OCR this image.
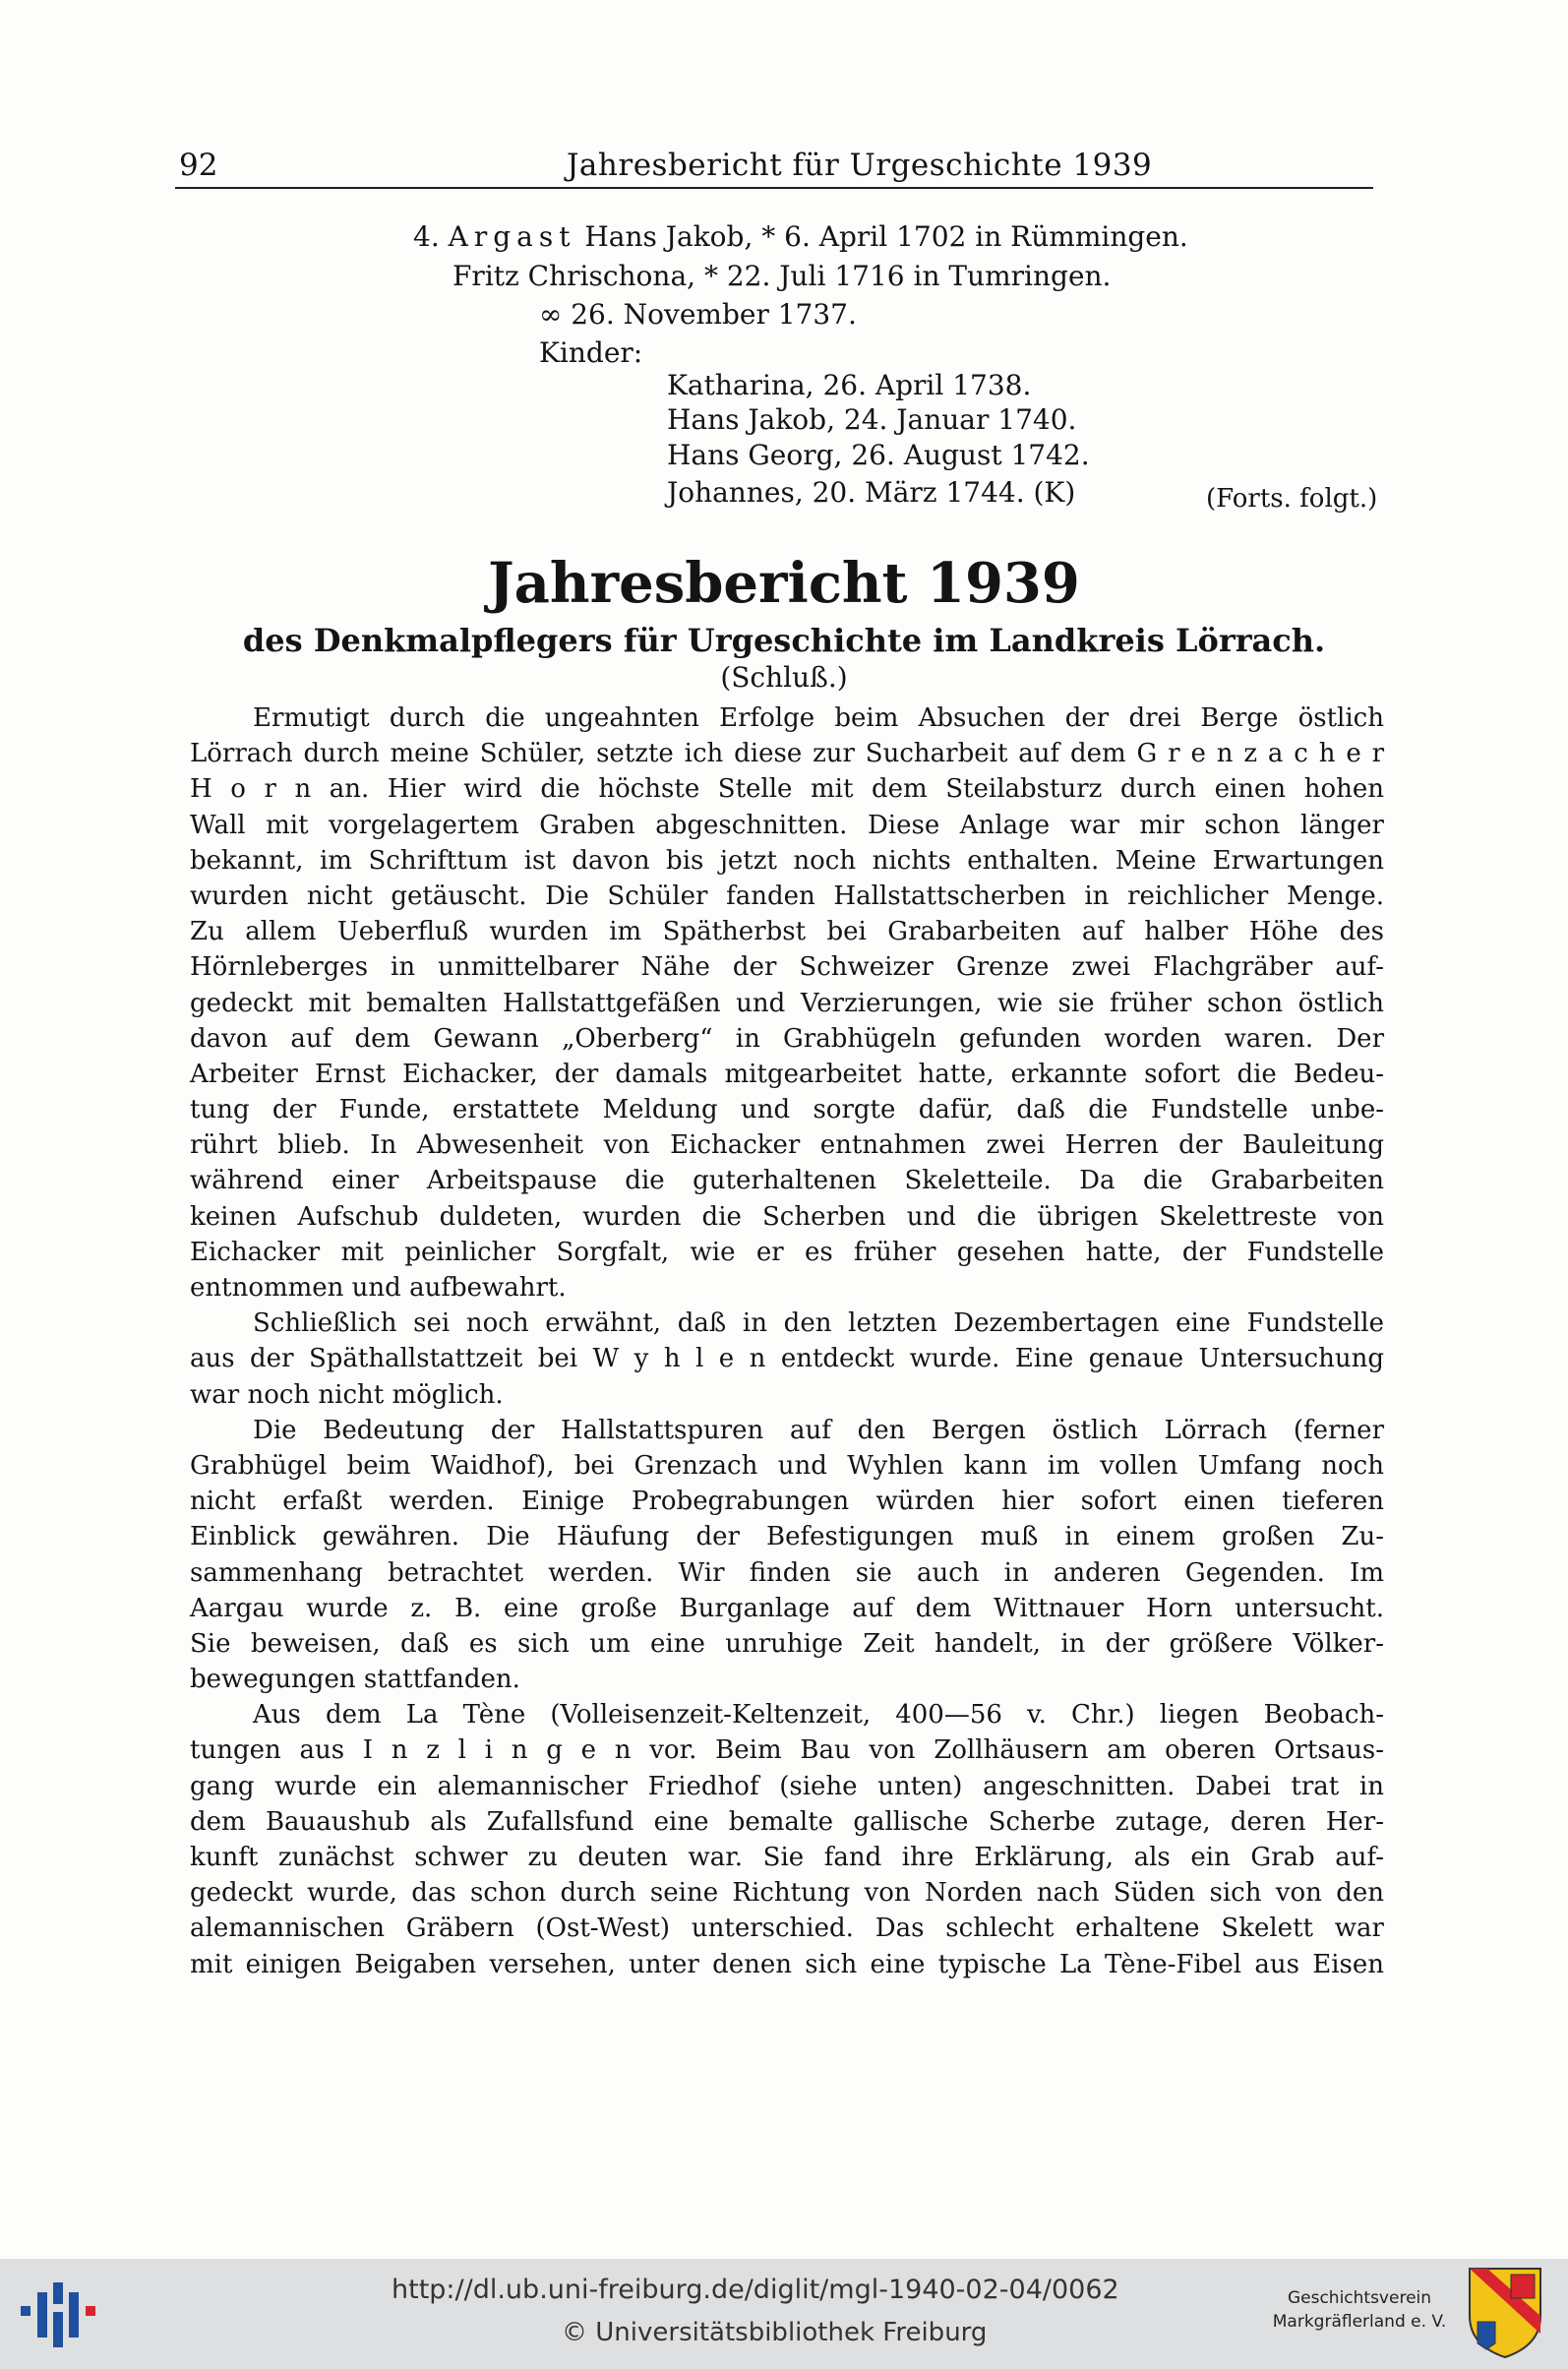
92	Jahresbericht für Urgeschichte 1939
4. Argast Hans Jakob, * 6. April 1702 in Rümmingen.
Fritz Chrischona, * 22. Juli 1716 in Tumringen.
∞ 26. November 1737.
Kinder:
Katharina, 26. April 1738.
Hans Jakob, 24. Januar 1740.
Hans Georg, 26. August 1742.
Johannes, 20. März 1744. (K)	(Forts. folgt.)
Jahresbericht 1939
des Denkmalpflegers für Urgeschichte im Landkreis Lörrach.
(Schluß.)
Ermutigt durch die ungeahnten Erfolge beim Absuchen der drei Berge östlich
Lörrach durch meine Schüler, setzte ich diese zur Sucharbeit auf dem G r e n z a c h e r
H o r n an. Hier wird die höchste Stelle mit dem Steilabsturz durch einen hohen
Wall mit vorgelagertem Graben abgeschnitten. Diese Anlage war mir schon länger
bekannt, im Schrifttum ist davon bis jetzt noch nichts enthalten. Meine Erwartungen
wurden nicht getäuscht. Die Schüler fanden Hallstattscherben in reichlicher Menge.
Zu allem Ueberfluß wurden im Spätherbst bei Grabarbeiten auf halber Höhe des
Hörnleberges in unmittelbarer Nähe der Schweizer Grenze zwei Flachgräber auf-
gedeckt mit bemalten Hallstattgefäßen und Verzierungen, wie sie früher schon östlich
davon auf dem Gewann „Oberberg“ in Grabhügeln gefunden worden waren. Der
Arbeiter Ernst Eichacker, der damals mitgearbeitet hatte, erkannte sofort die Bedeu-
tung der Funde, erstattete Meldung und sorgte dafür, daß die Fundstelle unbe-
rührt blieb. In Abwesenheit von Eichacker entnahmen zwei Herren der Bauleitung
während einer Arbeitspause die guterhaltenen Skeletteile. Da die Grabarbeiten
keinen Aufschub duldeten, wurden die Scherben und die übrigen Skelettreste von
Eichacker mit peinlicher Sorgfalt, wie er es früher gesehen hatte, der Fundstelle
entnommen und aufbewahrt.
Schließlich sei noch erwähnt, daß in den letzten Dezembertagen eine Fundstelle
aus der Späthallstattzeit bei W y h l e n entdeckt wurde. Eine genaue Untersuchung
war noch nicht möglich.
Die Bedeutung der Hallstattspuren auf den Bergen östlich Lörrach (ferner
Grabhügel beim Waidhof), bei Grenzach und Wyhlen kann im vollen Umfang noch
nicht erfaßt werden. Einige Probegrabungen würden hier sofort einen tieferen
Einblick gewähren. Die Häufung der Befestigungen muß in einem großen Zu-
sammenhang betrachtet werden. Wir finden sie auch in anderen Gegenden. Im
Aargau wurde z. B. eine große Burganlage auf dem Wittnauer Horn untersucht.
Sie beweisen, daß es sich um eine unruhige Zeit handelt, in der größere Völker-
bewegungen stattfanden.
Aus dem La Tène (Volleisenzeit-Keltenzeit, 400—56 v. Chr.) liegen Beobach-
tungen aus I n z l i n g e n vor. Beim Bau von Zollhäusern am oberen Ortsaus-
gang wurde ein alemannischer Friedhof (siehe unten) angeschnitten. Dabei trat in
dem Bauaushub als Zufallsfund eine bemalte gallische Scherbe zutage, deren Her-
kunft zunächst schwer zu deuten war. Sie fand ihre Erklärung, als ein Grab auf-
gedeckt wurde, das schon durch seine Richtung von Norden nach Süden sich von den
alemannischen Gräbern (Ost-West) unterschied. Das schlecht erhaltene Skelett war
mit einigen Beigaben versehen, unter denen sich eine typische La Tène-Fibel aus Eisen
http://dl.ub.uni-freiburg.de/diglit/mgl-1940-02-04/0062
© Universitätsbibliothek Freiburg
Geschichtsverein
Markgräflerland e. V.
